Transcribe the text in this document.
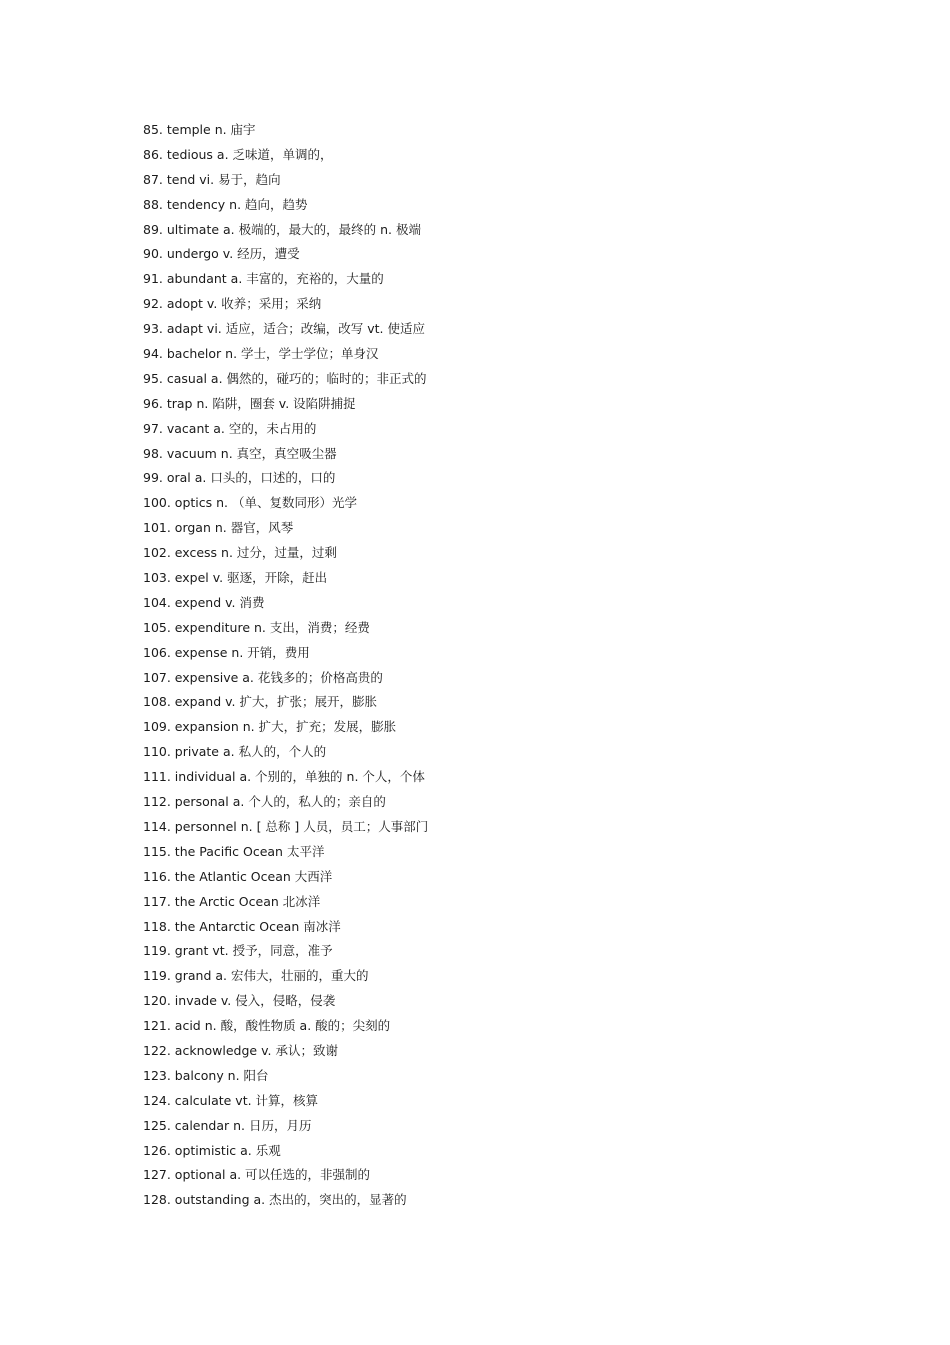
85. temple n. 庙宇
86. tedious a. 乏味道，单调的，
87. tend vi. 易于，趋向
88. tendency n. 趋向，趋势
89. ultimate a. 极端的，最大的，最终的 n. 极端
90. undergo v. 经历，遭受
91. abundant a. 丰富的，充裕的，大量的
92. adopt v. 收养；采用；采纳
93. adapt vi. 适应，适合；改编，改写 vt. 使适应
94. bachelor n. 学士，学士学位；单身汉
95. casual a. 偶然的，碰巧的；临时的；非正式的
96. trap n. 陷阱，圈套 v. 设陷阱捕捉
97. vacant a. 空的，未占用的
98. vacuum n. 真空，真空吸尘器
99. oral a. 口头的，口述的，口的
100. optics n. （单、复数同形）光学
101. organ n. 器官，风琴
102. excess n. 过分，过量，过剩
103. expel v. 驱逐，开除，赶出
104. expend v. 消费
105. expenditure n. 支出，消费；经费
106. expense n. 开销，费用
107. expensive a. 花钱多的；价格高贵的
108. expand v. 扩大，扩张；展开，膨胀
109. expansion n. 扩大，扩充；发展，膨胀
110. private a. 私人的，个人的
111. individual a. 个别的，单独的 n. 个人，个体
112. personal a. 个人的，私人的；亲自的
114. personnel n. [ 总称 ] 人员，员工；人事部门
115. the Pacific Ocean 太平洋
116. the Atlantic Ocean 大西洋
117. the Arctic Ocean 北冰洋
118. the Antarctic Ocean 南冰洋
119. grant vt. 授予，同意，准予
119. grand a. 宏伟大，壮丽的，重大的
120. invade v. 侵入，侵略，侵袭
121. acid n. 酸，酸性物质 a. 酸的；尖刻的
122. acknowledge v. 承认；致谢
123. balcony n. 阳台
124. calculate vt. 计算，核算
125. calendar n. 日历，月历
126. optimistic a. 乐观
127. optional a. 可以任选的，非强制的
128. outstanding a. 杰出的，突出的，显著的
